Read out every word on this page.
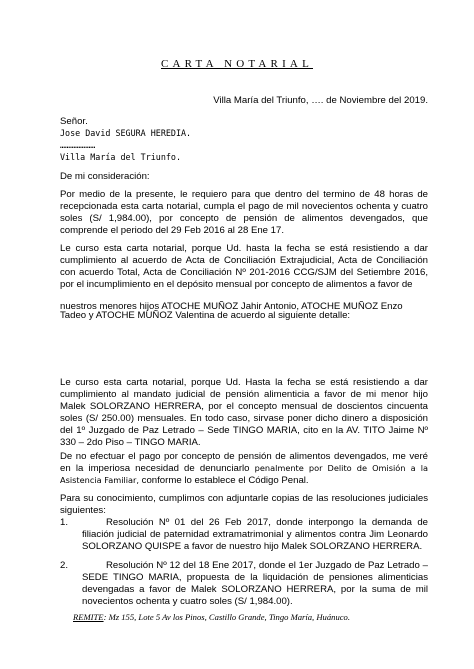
CARTA NOTARIAL
Villa María del Triunfo, …. de Noviembre del 2019.
Señor.
Jose David SEGURA HEREDIA.
…………………
Villa María del Triunfo.
De mi consideración:

Por medio de la presente, le requiero para que dentro del termino de 48 horas de recepcionada esta carta notarial, cumpla el pago de mil novecientos ochenta y cuatro soles (S/ 1,984.00), por concepto de pensión de alimentos devengados, que comprende el periodo del 29 Feb 2016 al 28 Ene 17.

Le curso esta carta notarial, porque Ud. hasta la fecha se está resistiendo a dar cumplimiento al acuerdo de Acta de Conciliación Extrajudicial, Acta de Conciliación con acuerdo Total, Acta de Conciliación Nº 201-2016 CCG/SJM del Setiembre 2016, por el incumplimiento en el depósito mensual por concepto de alimentos a favor de

nuestros menores hijos ATOCHE MUÑOZ Jahir Antonio, ATOCHE MUÑOZ Enzo
Tadeo y ATOCHE MUÑOZ Valentina de acuerdo al siguiente detalle:

Le curso esta carta notarial, porque Ud. Hasta la fecha se está resistiendo a dar cumplimiento al mandato judicial de pensión alimenticia a favor de mi menor hijo Malek SOLORZANO HERRERA, por el concepto mensual de doscientos cincuenta soles (S/ 250.00) mensuales. En todo caso, sirvase poner dicho dinero a disposición del 1º Juzgado de Paz Letrado – Sede TINGO MARIA, cito en la AV. TITO Jaime Nº 330 – 2do Piso – TINGO MARIA.

De no efectuar el pago por concepto de pensión de alimentos devengados, me veré en la imperiosa necesidad de denunciarlo penalmente por Delito de Omisión a la Asistencia Familiar, conforme lo establece el Código Penal.

Para su conocimiento, cumplimos con adjuntarle copias de las resoluciones judiciales siguientes:

1.	Resolución Nº 01 del 26 Feb 2017, donde interpongo la demanda de filiación judicial de paternidad extramatrimonial y alimentos contra Jim Leonardo SOLORZANO QUISPE a favor de nuestro hijo Malek SOLORZANO HERRERA.
2.	Resolución Nº 12 del 18 Ene 2017, donde el 1er Juzgado de Paz Letrado – SEDE TINGO MARIA, propuesta de la liquidación de pensiones alimenticias devengadas a favor de Malek SOLORZANO HERRERA, por la suma de mil novecientos ochenta y cuatro soles (S/ 1,984.00).
REMITE: Mz 155, Lote 5 Av los Pinos, Castillo Grande, Tingo María, Huánuco.
